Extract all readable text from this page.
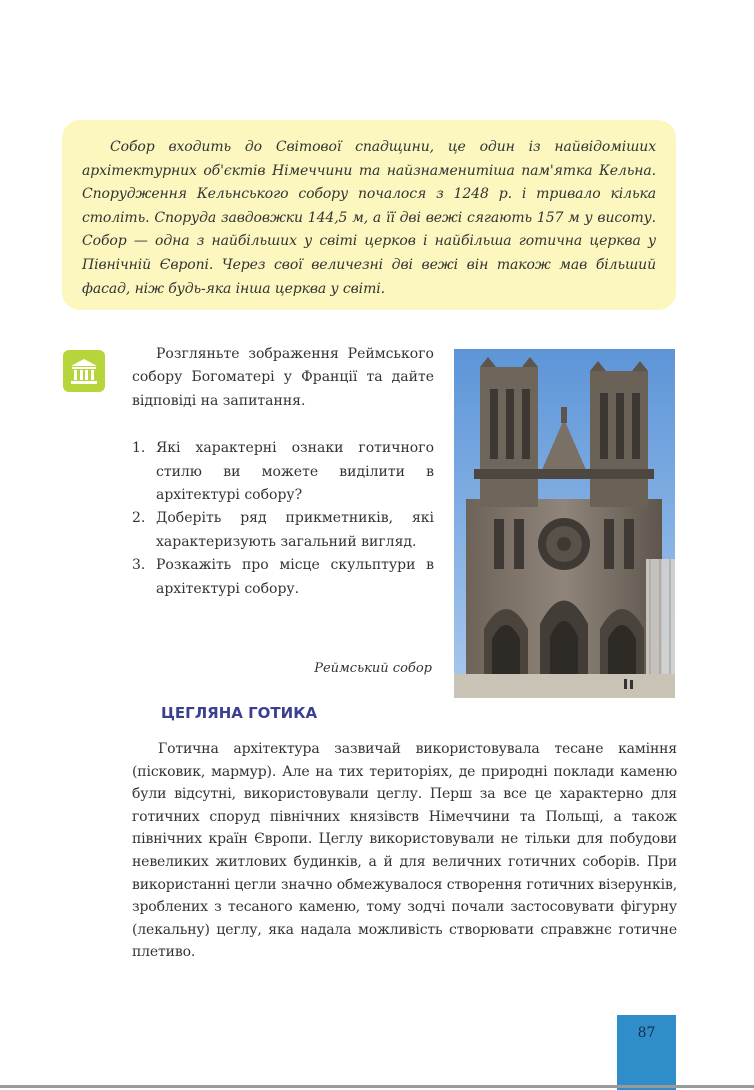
Собор входить до Світової спадщини, це один із найвідоміших архітектурних об'єктів Німеччини та найзнаменитіша пам'ятка Кельна. Спорудження Кельнського собору почалося з 1248 р. і тривало кілька століть. Споруда завдовжки 144,5 м, а її дві вежі сягають 157 м у висоту. Собор — одна з найбільших у світі церков і найбільша готична церква у Північній Європі. Через свої величезні дві вежі він також мав більший фасад, ніж будь-яка інша церква у світі.

Розгляньте зображення Реймського собору Богоматері у Франції та дайте відповіді на запитання.

1. Які характерні ознаки готичного стилю ви можете виділити в архітектурі собору?
2. Доберіть ряд прикметників, які характеризують загальний вигляд.
3. Розкажіть про місце скульптури в архітектурі собору.
Реймський собор
ЦЕГЛЯНА ГОТИКА

Готична архітектура зазвичай використовувала тесане каміння (пісковик, мармур). Але на тих територіях, де природні поклади каменю були відсутні, використовували цеглу. Перш за все це характерно для готичних споруд північних князівств Німеччини та Польщі, а також північних країн Європи. Цеглу використовували не тільки для побудови невеликих житлових будинків, а й для величних готичних соборів. При використанні цегли значно обмежувалося створення готичних візерунків, зроблених з тесаного каменю, тому зодчі почали застосовувати фігурну (лекальну) цеглу, яка надала можливість створювати справжнє готичне плетиво.

87
